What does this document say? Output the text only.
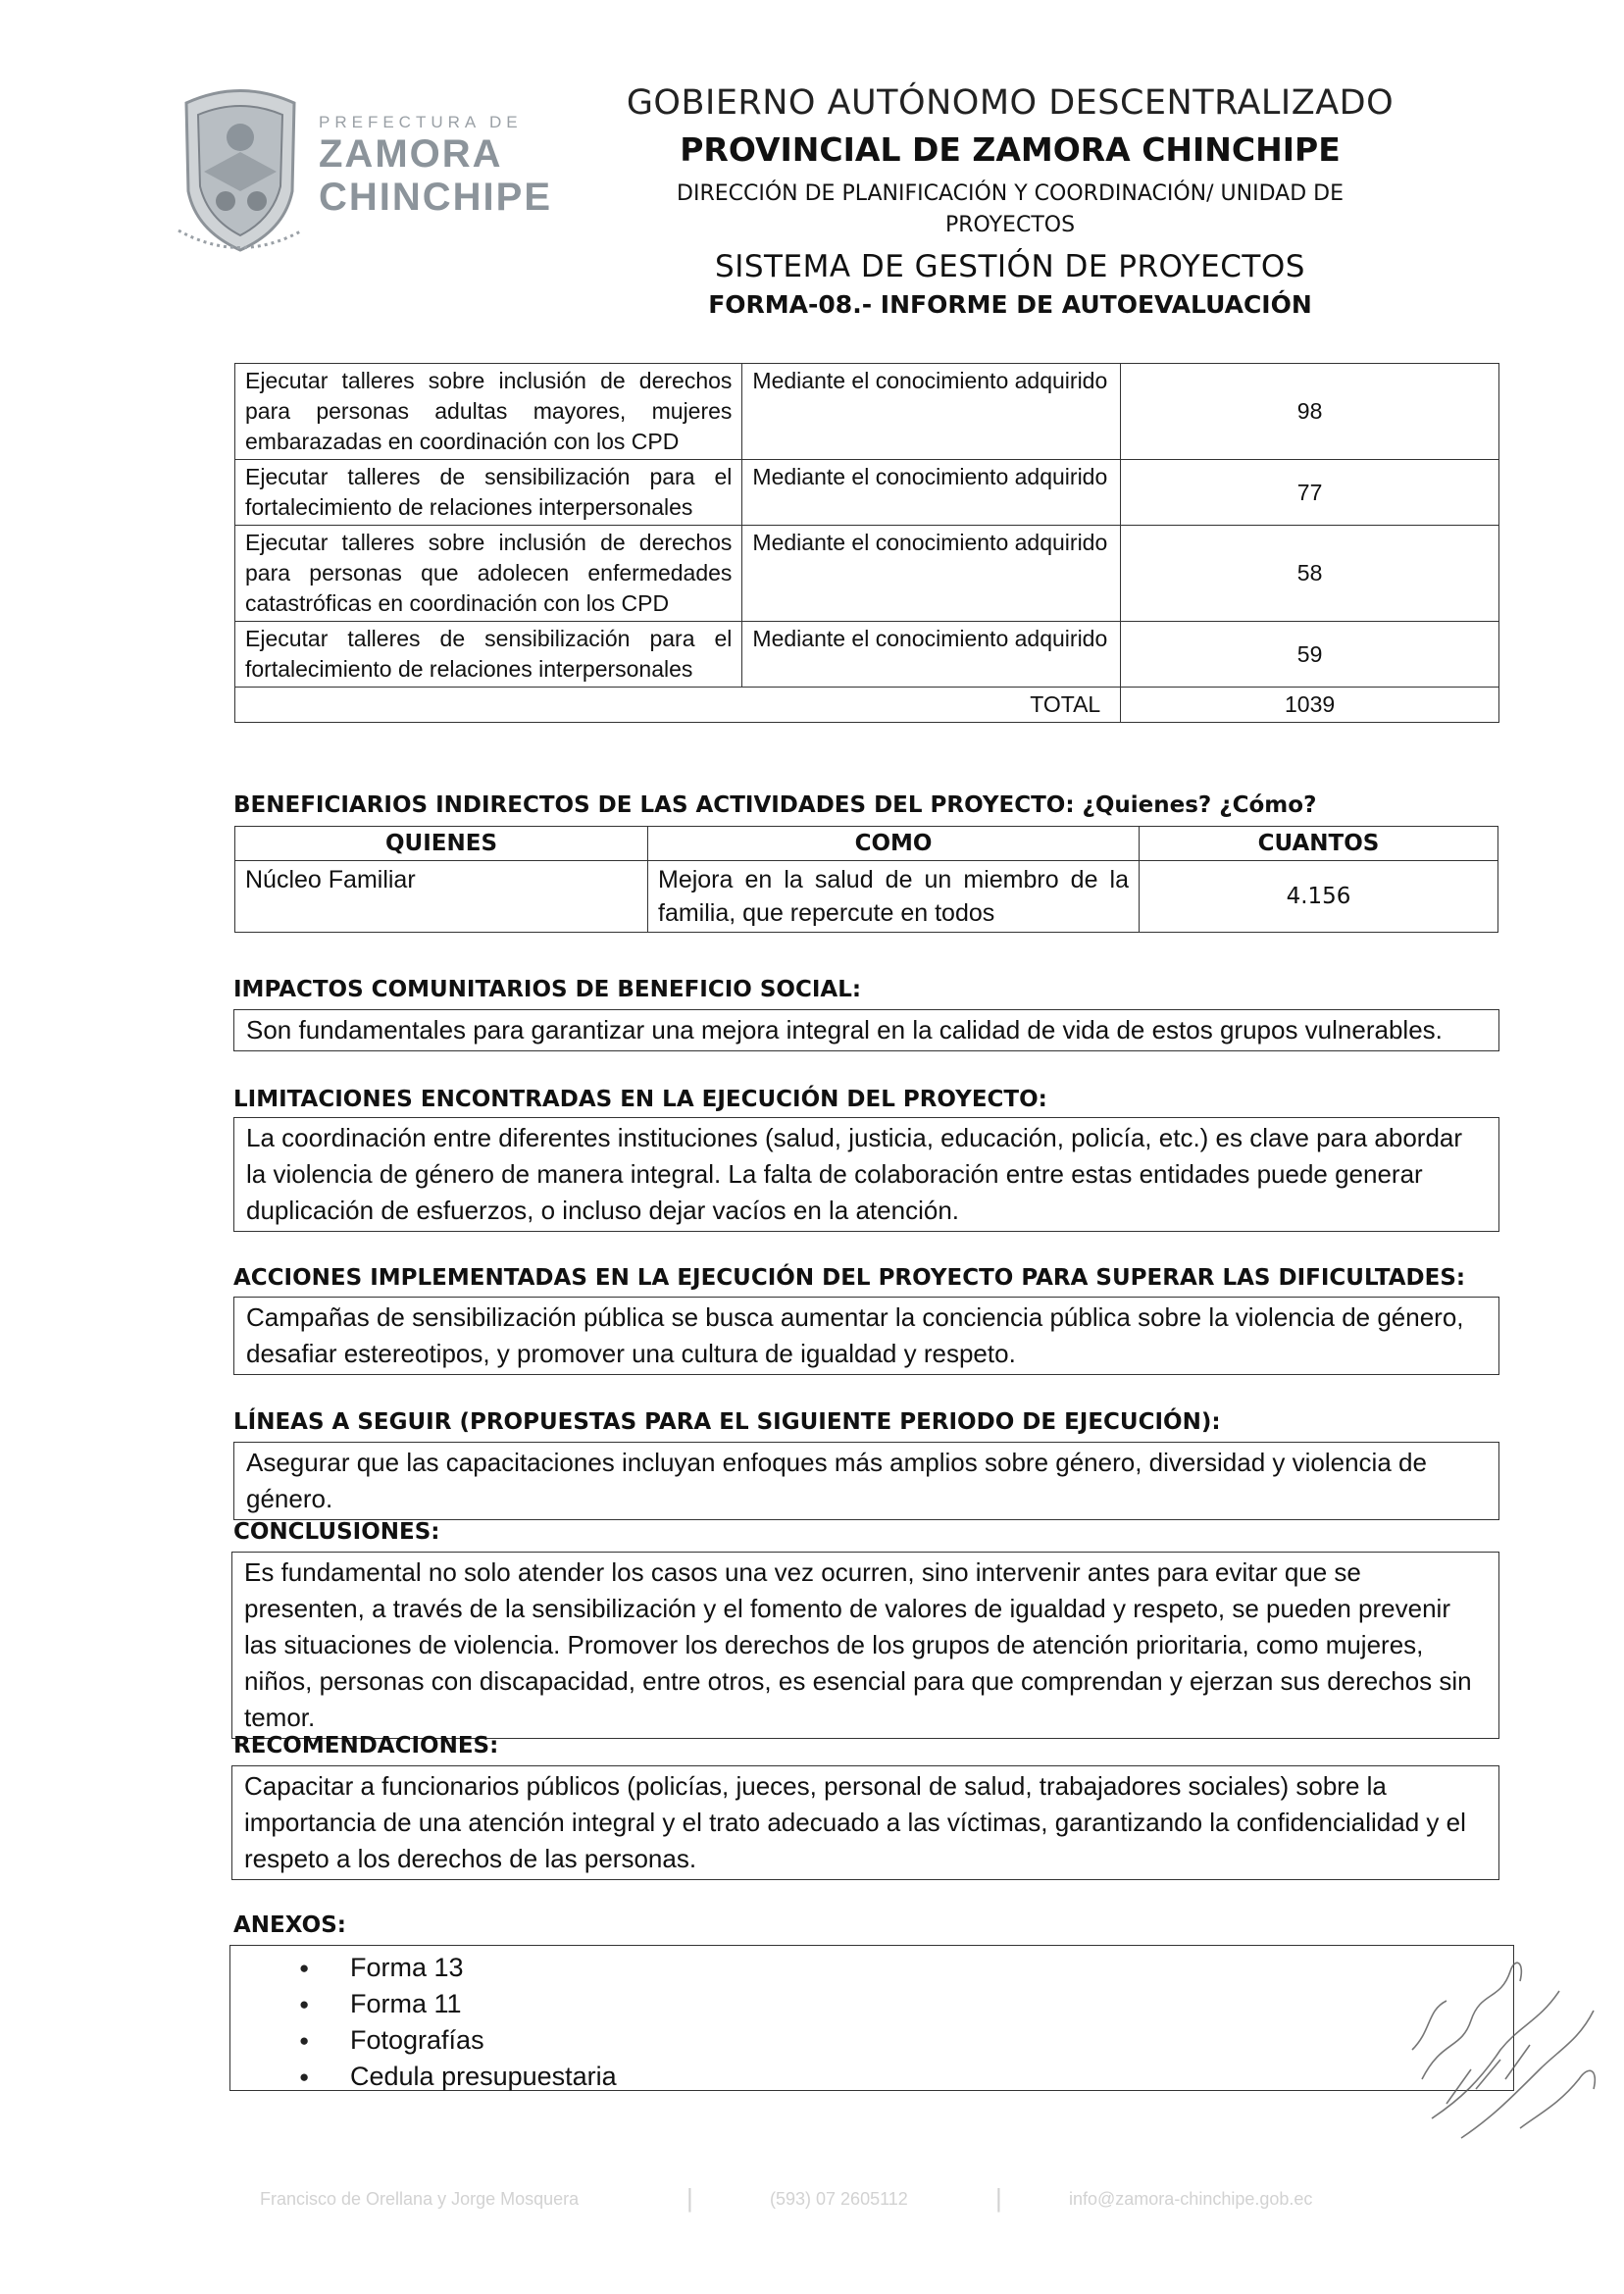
PREFECTURA DE
ZAMORA
CHINCHIPE
GOBIERNO AUTÓNOMO DESCENTRALIZADO
PROVINCIAL DE ZAMORA CHINCHIPE
DIRECCIÓN DE PLANIFICACIÓN Y COORDINACIÓN/ UNIDAD DE PROYECTOS
SISTEMA DE GESTIÓN DE PROYECTOS
FORMA-08.- INFORME DE AUTOEVALUACIÓN
Ejecutar talleres sobre inclusión de derechos para personas adultas mayores, mujeres embarazadas en coordinación con los CPD	Mediante el conocimiento adquirido	98
Ejecutar talleres de sensibilización para el fortalecimiento de relaciones interpersonales	Mediante el conocimiento adquirido	77
Ejecutar talleres sobre inclusión de derechos para personas que adolecen enfermedades catastróficas en coordinación con los CPD	Mediante el conocimiento adquirido	58
Ejecutar talleres de sensibilización para el fortalecimiento de relaciones interpersonales	Mediante el conocimiento adquirido	59
TOTAL		1039
BENEFICIARIOS INDIRECTOS DE LAS ACTIVIDADES DEL PROYECTO: ¿Quienes? ¿Cómo?
QUIENES	COMO	CUANTOS
Núcleo Familiar	Mejora en la salud de un miembro de la familia, que repercute en todos	4.156
IMPACTOS COMUNITARIOS DE BENEFICIO SOCIAL:
Son fundamentales para garantizar una mejora integral en la calidad de vida de estos grupos vulnerables.
LIMITACIONES ENCONTRADAS EN LA EJECUCIÓN DEL PROYECTO:
La coordinación entre diferentes instituciones (salud, justicia, educación, policía, etc.) es clave para abordar la violencia de género de manera integral. La falta de colaboración entre estas entidades puede generar duplicación de esfuerzos, o incluso dejar vacíos en la atención.
ACCIONES IMPLEMENTADAS EN LA EJECUCIÓN DEL PROYECTO PARA SUPERAR LAS DIFICULTADES:
Campañas de sensibilización pública se busca aumentar la conciencia pública sobre la violencia de género, desafiar estereotipos, y promover una cultura de igualdad y respeto.
LÍNEAS A SEGUIR (PROPUESTAS PARA EL SIGUIENTE PERIODO DE EJECUCIÓN):
Asegurar que las capacitaciones incluyan enfoques más amplios sobre género, diversidad y violencia de género.
CONCLUSIONES:
Es fundamental no solo atender los casos una vez ocurren, sino intervenir antes para evitar que se presenten, a través de la sensibilización y el fomento de valores de igualdad y respeto, se pueden prevenir las situaciones de violencia. Promover los derechos de los grupos de atención prioritaria, como mujeres, niños, personas con discapacidad, entre otros, es esencial para que comprendan y ejerzan sus derechos sin temor.
RECOMENDACIONES:
Capacitar a funcionarios públicos (policías, jueces, personal de salud, trabajadores sociales) sobre la importancia de una atención integral y el trato adecuado a las víctimas, garantizando la confidencialidad y el respeto a los derechos de las personas.
ANEXOS:
● Forma 13
● Forma 11
● Fotografías
● Cedula presupuestaria
Francisco de Orellana y Jorge Mosquera	|	(593) 07 2605112	|	info@zamora-chinchipe.gob.ec
